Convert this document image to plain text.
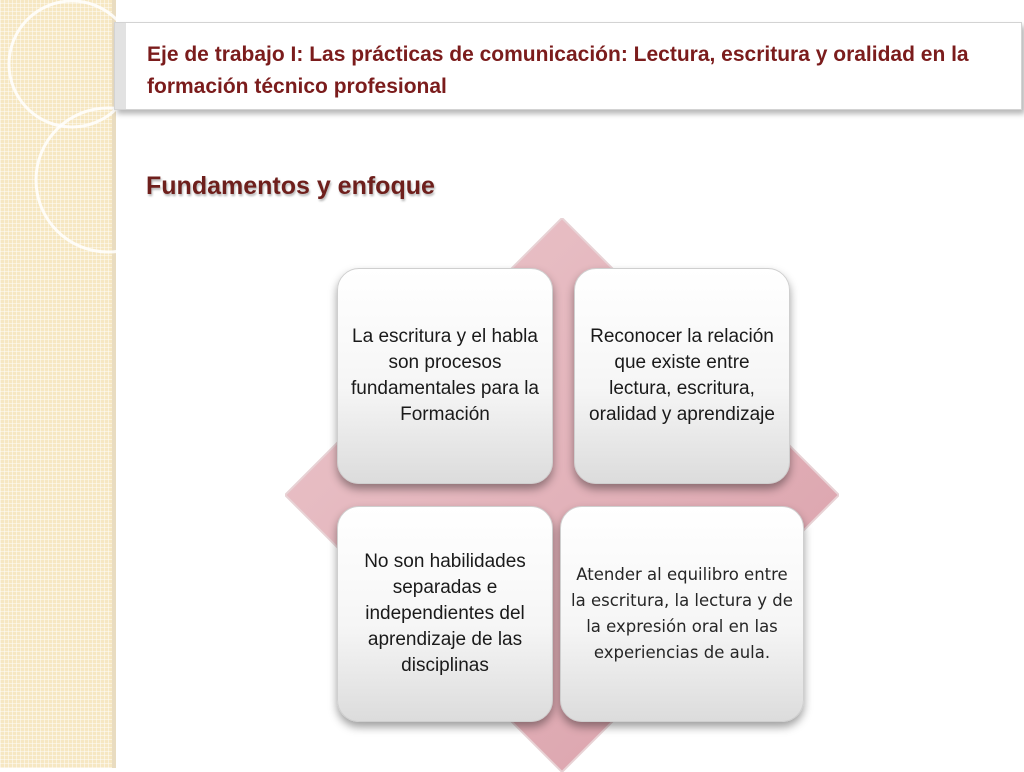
Eje de trabajo I: Las prácticas de comunicación: Lectura, escritura y oralidad en la formación técnico profesional
Fundamentos y enfoque
La escritura y el habla son procesos fundamentales para la Formación
Reconocer la relación que existe entre lectura, escritura, oralidad y aprendizaje
No son habilidades separadas e independientes del aprendizaje de las disciplinas
Atender al equilibro entre la escritura, la lectura y de la expresión oral en las experiencias de aula.
